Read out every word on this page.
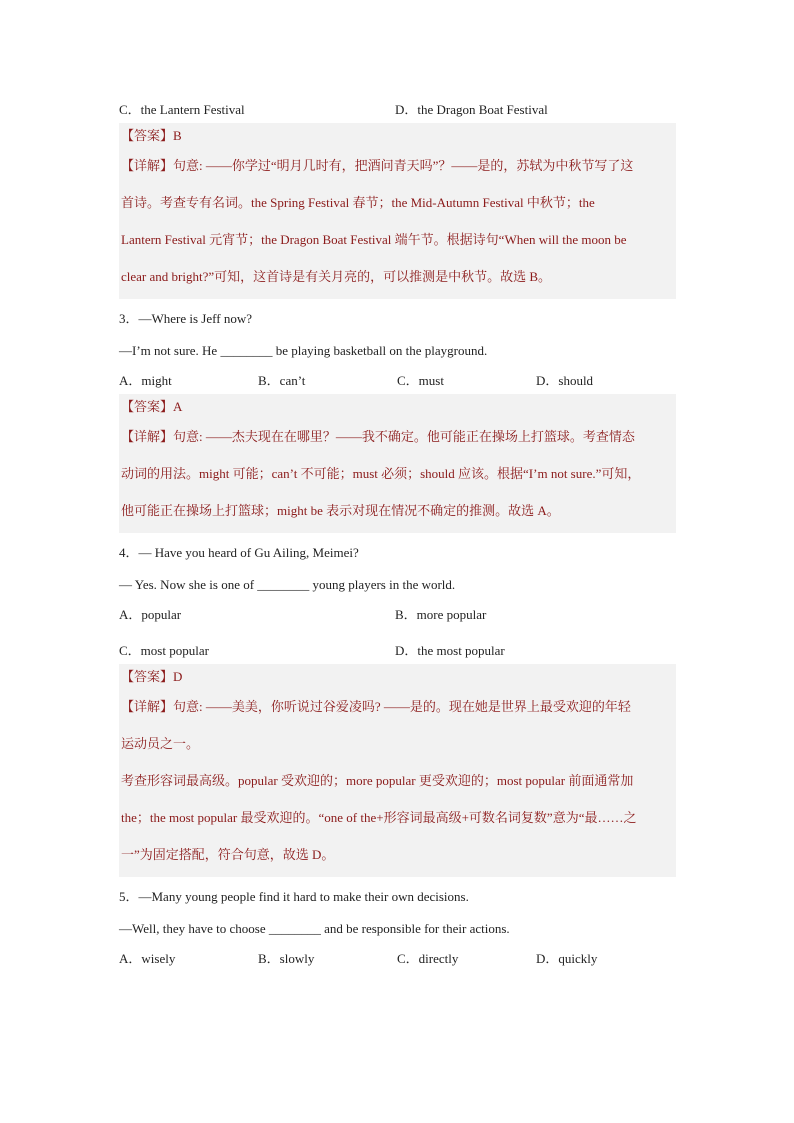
C．the Lantern Festival	D．the Dragon Boat Festival

【答案】B

【详解】句意: ——你学过“明月几时有，把酒问青天吗”？——是的，苏轼为中秋节写了这

首诗。考查专有名词。the Spring Festival 春节；the Mid-Autumn Festival 中秋节；the

Lantern Festival 元宵节；the Dragon Boat Festival 端午节。根据诗句“When will the moon be

clear and bright?”可知，这首诗是有关月亮的，可以推测是中秋节。故选 B。

3．—Where is Jeff now?
—I’m not sure. He ________ be playing basketball on the playground.
A．might	B．can’t	C．must	D．should

【答案】A

【详解】句意: ——杰夫现在在哪里？——我不确定。他可能正在操场上打篮球。考查情态

动词的用法。might 可能；can’t 不可能；must 必须；should 应该。根据“I’m not sure.”可知，

他可能正在操场上打篮球；might be 表示对现在情况不确定的推测。故选 A。

4．— Have you heard of Gu Ailing, Meimei?
— Yes. Now she is one of ________ young players in the world.
A．popular	B．more popular
C．most popular	D．the most popular

【答案】D

【详解】句意: ——美美，你听说过谷爱凌吗? ——是的。现在她是世界上最受欢迎的年轻

运动员之一。

考查形容词最高级。popular 受欢迎的；more popular 更受欢迎的；most popular 前面通常加

the；the most popular 最受欢迎的。“one of the+形容词最高级+可数名词复数”意为“最……之

一”为固定搭配，符合句意，故选 D。

5．—Many young people find it hard to make their own decisions.
—Well, they have to choose ________ and be responsible for their actions.
A．wisely	B．slowly	C．directly	D．quickly
